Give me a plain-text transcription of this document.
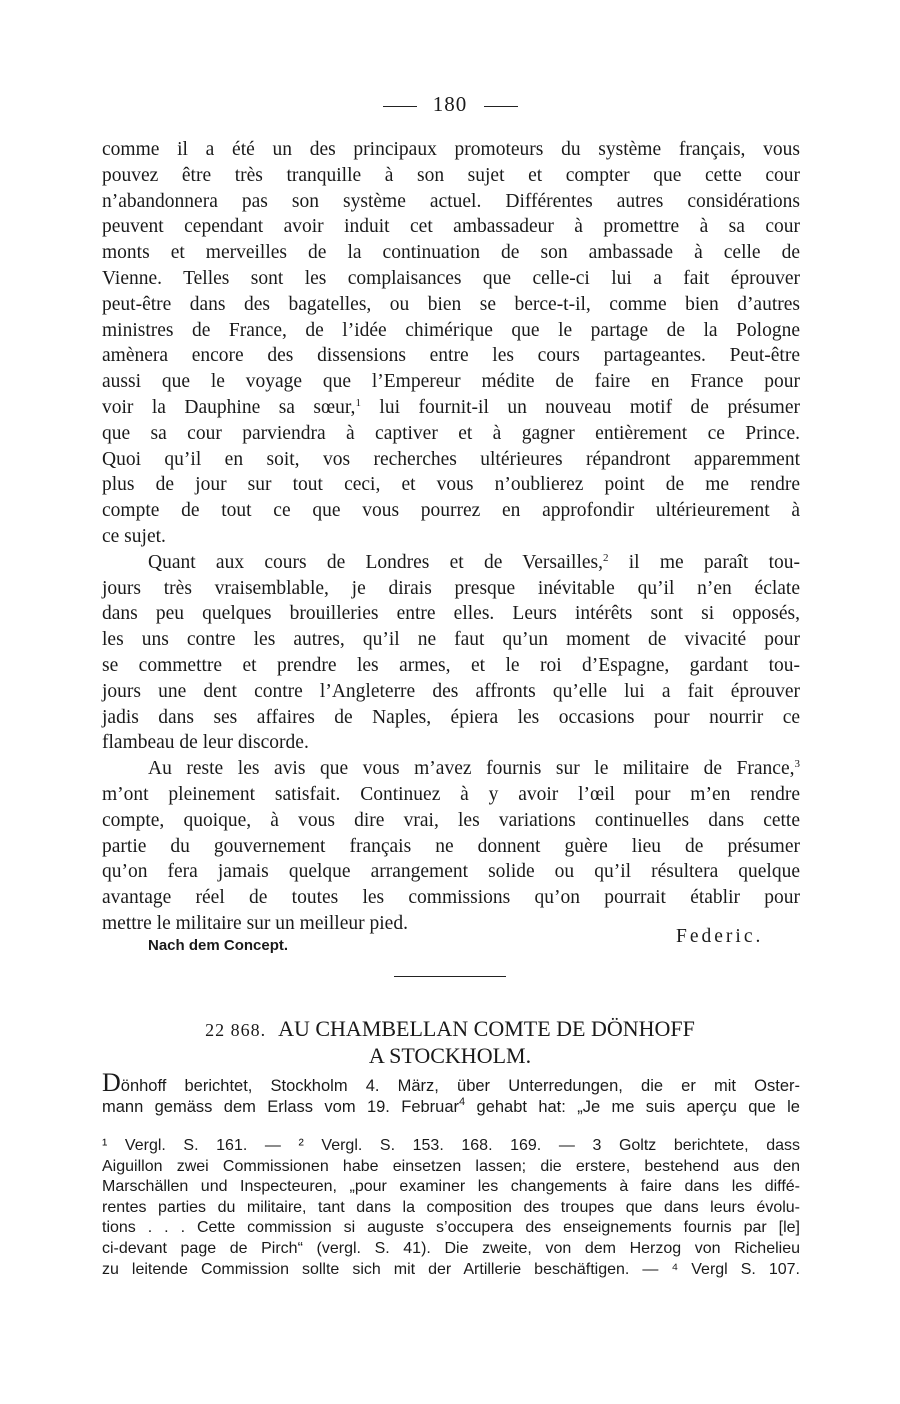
180

comme il a été un des principaux promoteurs du système français, vous
pouvez être très tranquille à son sujet et compter que cette cour
n’abandonnera pas son système actuel. Différentes autres considérations
peuvent cependant avoir induit cet ambassadeur à promettre à sa cour
monts et merveilles de la continuation de son ambassade à celle de
Vienne. Telles sont les complaisances que celle-ci lui a fait éprouver
peut-être dans des bagatelles, ou bien se berce-t-il, comme bien d’autres
ministres de France, de l’idée chimérique que le partage de la Pologne
amènera encore des dissensions entre les cours partageantes. Peut-être
aussi que le voyage que l’Empereur médite de faire en France pour
voir la Dauphine sa sœur,$^1$ lui fournit-il un nouveau motif de présumer
que sa cour parviendra à captiver et à gagner entièrement ce Prince.
Quoi qu’il en soit, vos recherches ultérieures répandront apparemment
plus de jour sur tout ceci, et vous n’oublierez point de me rendre
compte de tout ce que vous pourrez en approfondir ultérieurement à
ce sujet.

Quant aux cours de Londres et de Versailles,$^2$ il me paraît tou-
jours très vraisemblable, je dirais presque inévitable qu’il n’en éclate
dans peu quelques brouilleries entre elles. Leurs intérêts sont si opposés,
les uns contre les autres, qu’il ne faut qu’un moment de vivacité pour
se commettre et prendre les armes, et le roi d’Espagne, gardant tou-
jours une dent contre l’Angleterre des affronts qu’elle lui a fait éprouver
jadis dans ses affaires de Naples, épiera les occasions pour nourrir ce
flambeau de leur discorde.

Au reste les avis que vous m’avez fournis sur le militaire de France,$^3$
m’ont pleinement satisfait. Continuez à y avoir l’œil pour m’en rendre
compte, quoique, à vous dire vrai, les variations continuelles dans cette
partie du gouvernement français ne donnent guère lieu de présumer
qu’on fera jamais quelque arrangement solide ou qu’il résultera quelque
avantage réel de toutes les commissions qu’on pourrait établir pour
mettre le militaire sur un meilleur pied.

Federic.
Nach dem Concept.
22 868. AU CHAMBELLAN COMTE DE DÖNHOFF
A STOCKHOLM.
Dönhoff berichtet, Stockholm 4. März, über Unterredungen, die er mit Oster-
mann gemäss dem Erlass vom 19. Februar$^4$ gehabt hat: „Je me suis aperçu que le
¹ Vergl. S. 161. — ² Vergl. S. 153. 168. 169. — 3 Goltz berichtete, dass
Aiguillon zwei Commissionen habe einsetzen lassen; die erstere, bestehend aus den
Marschällen und Inspecteuren, „pour examiner les changements à faire dans les diffé-
rentes parties du militaire, tant dans la composition des troupes que dans leurs évolu-
tions . . . Cette commission si auguste s’occupera des enseignements fournis par [le]
ci-devant page de Pirch“ (vergl. S. 41). Die zweite, von dem Herzog von Richelieu
zu leitende Commission sollte sich mit der Artillerie beschäftigen. — ⁴ Vergl S. 107.
